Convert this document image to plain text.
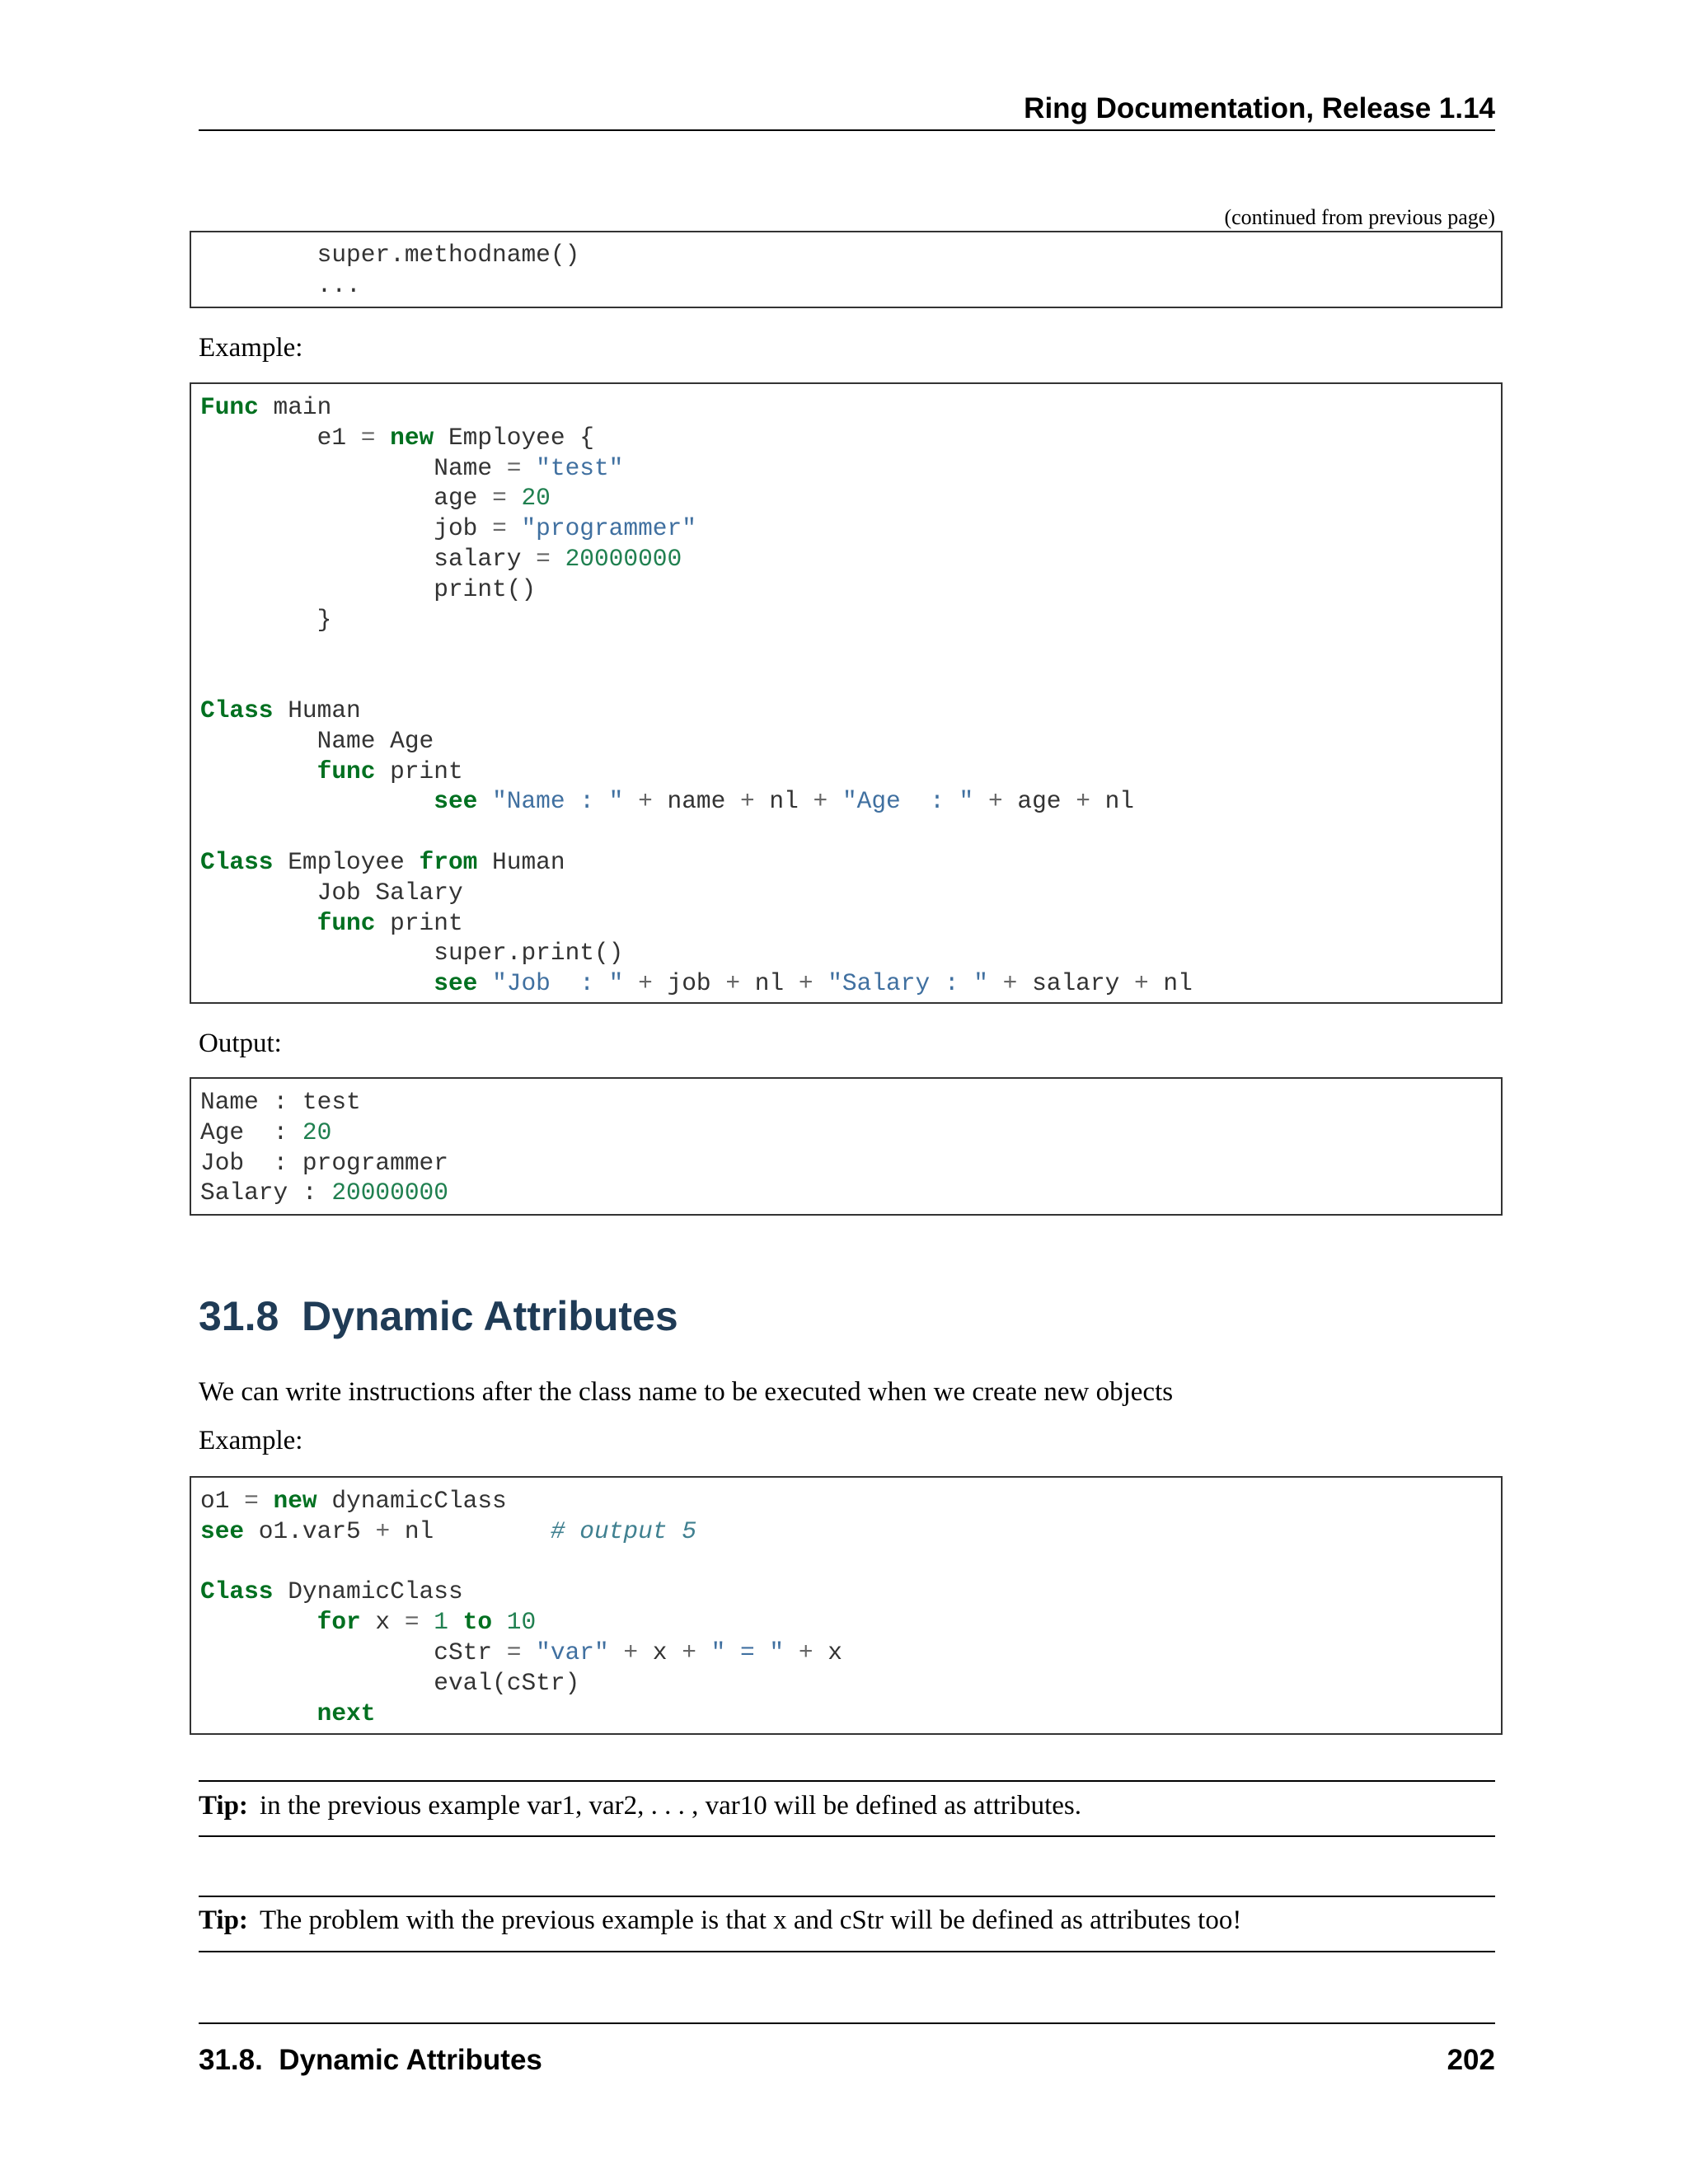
Ring Documentation, Release 1.14
(continued from previous page)
super.methodname()
...
Example:
Func main
e1 = new Employee {
Name = "test"
age = 20
job = "programmer"
salary = 20000000
print()
}

Class Human
Name Age
func print
see "Name : " + name + nl + "Age  : " + age + nl

Class Employee from Human
Job Salary
func print
super.print()
see "Job  : " + job + nl + "Salary : " + salary + nl
Output:
Name : test
Age  : 20
Job  : programmer
Salary : 20000000
31.8  Dynamic Attributes
We can write instructions after the class name to be executed when we create new objects
Example:
o1 = new dynamicClass
see o1.var5 + nl	# output 5

Class DynamicClass
for x = 1 to 10
cStr = "var" + x + " = " + x
eval(cStr)
next
Tip: in the previous example var1, var2, . . . , var10 will be defined as attributes.
Tip: The problem with the previous example is that x and cStr will be defined as attributes too!
31.8.  Dynamic Attributes	202
